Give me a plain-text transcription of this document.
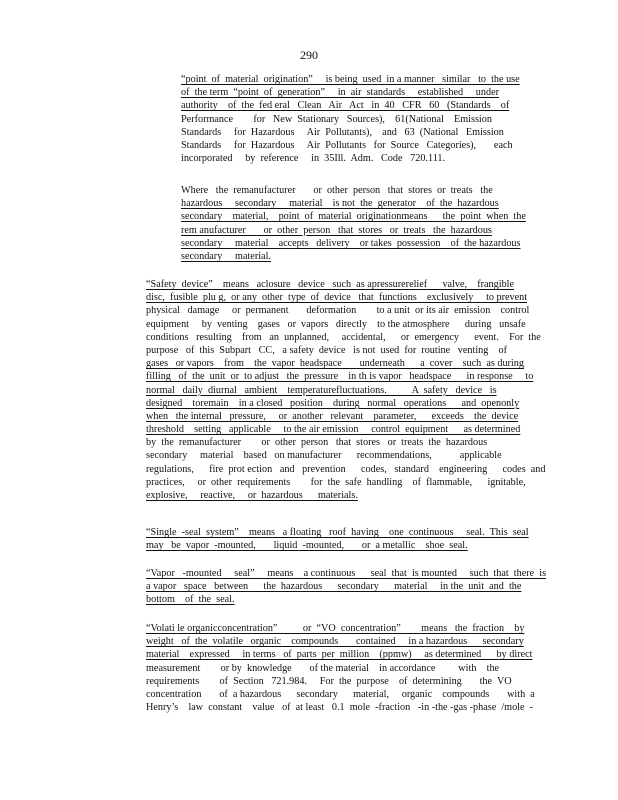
290
“point  of  material  origination”     is being  used  in a manner   similar   to  the use
of  the term  “point  of  generation”     in  air  standards     established     under
authority    of  the  fed eral   Clean   Air   Act   in  40   CFR   60   (Standards    of
Performance        for   New  Stationary   Sources),    61(National    Emission
Standards     for  Hazardous     Air  Pollutants),    and   63  (National   Emission
Standards     for  Hazardous     Air  Pollutants   for  Source   Categories),       each
incorporated     by  reference     in  35Ill.  Adm.   Code   720.111.
Where   the  remanufacturer       or  other  person   that  stores  or  treats   the
hazardous     secondary     material    is not  the  generator    of  the  hazardous
secondary    material,    point  of  material  originationmeans      the  point  when  the
rem anufacturer       or  other  person   that  stores   or  treats   the  hazardous
secondary     material    accepts   delivery    or takes  possession    of  the hazardous
secondary     material.
“Safety  device”    means   aclosure   device   such  as apressurerelief      valve,    frangible
disc,  fusible  plu g,  or any  other  type  of  device   that  functions    exclusively     to prevent
physical   damage     or  permanent       deformation        to a unit  or its air  emission    control
equipment     by  venting    gases   or  vapors   directly    to the atmosphere      during   unsafe
conditions   resulting    from   an  unplanned,     accidental,      or  emergency      event.    For  the
purpose   of  this  Subpart   CC,   a safety  device   is not  used  for  routine   venting    of
gases   or vapors    from    the  vapor  headspace       underneath      a  cover    such  as during
filling   of  the  unit  or  to adjust   the  pressure    in th is vapor   headspace      in response     to
normal   daily  diurnal   ambient    temperaturefluctuations.          A  safety   device   is
designed    toremain    in a closed   position    during   normal   operations      and  openonly
when   the internal   pressure,     or  another   relevant    parameter,      exceeds    the  device
threshold    setting   applicable     to the air emission     control  equipment      as determined
by  the  remanufacturer        or  other  person   that  stores   or  treats  the  hazardous
secondary     material    based   on manufacturer      recommendations,           applicable
regulations,      fire  prot ection   and   prevention      codes,   standard    engineering      codes  and
practices,     or  other  requirements        for  the  safe  handling    of  flammable,      ignitable,
explosive,     reactive,     or  hazardous      materials.
“Single  -seal  system”    means   a floating   roof  having    one  continuous     seal.  This  seal
may   be  vapor  -mounted,       liquid  -mounted,       or  a metallic    shoe  seal.
“Vapor   -mounted     seal”     means    a continuous      seal  that  is mounted     such  that  there  is
a vapor   space   between      the  hazardous      secondary      material     in the  unit  and  the
bottom    of  the  seal.
“Volati le organicconcentration”          or  “VO  concentration”        means   the  fraction    by
weight   of  the  volatile   organic    compounds       contained     in a hazardous      secondary
material    expressed     in terms   of  parts  per  million    (ppmw)     as determined      by direct
measurement        or by  knowledge       of the material    in accordance         with    the
requirements        of  Section   721.984.     For  the  purpose    of  determining       the  VO
concentration       of  a hazardous      secondary      material,     organic    compounds       with  a
Henry’s    law  constant    value   of  at least   0.1  mole  -fraction   -in -the -gas -phase  /mole  -
